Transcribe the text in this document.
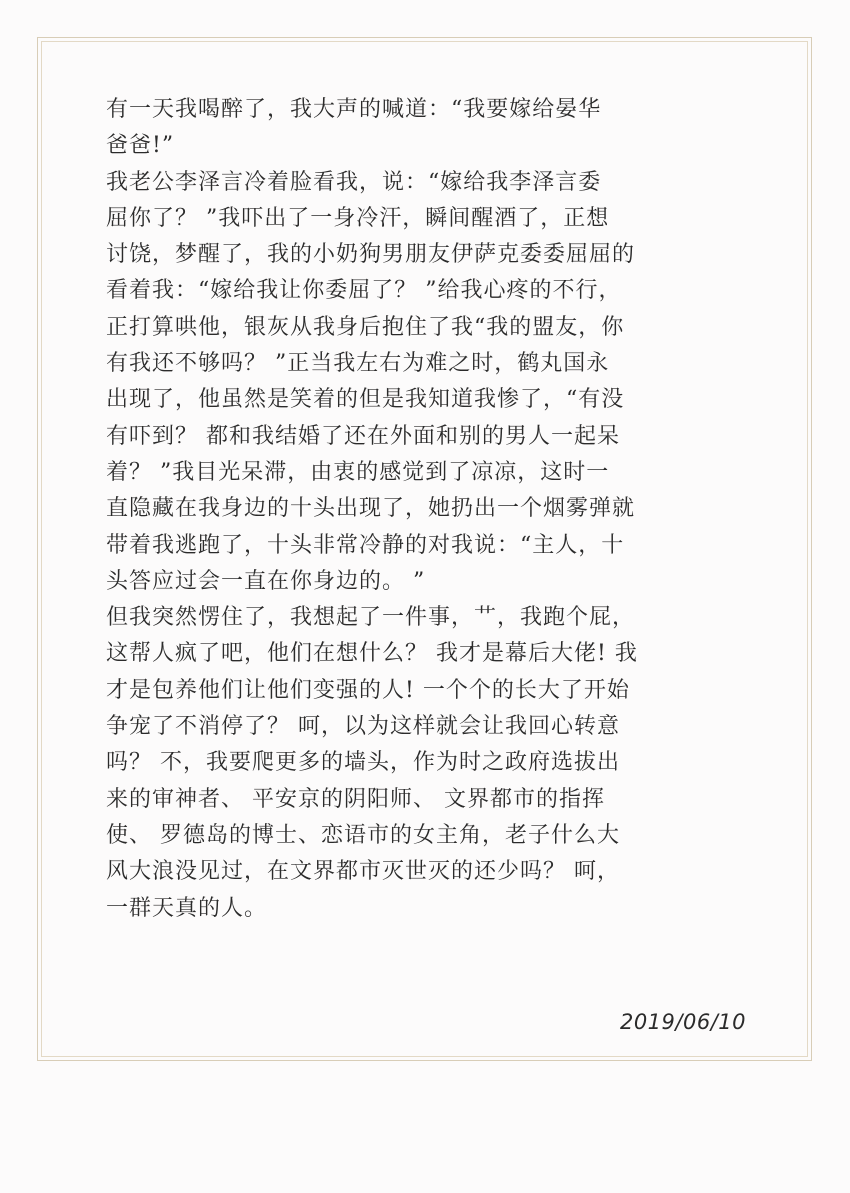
有一天我喝醉了，我大声的喊道：“我要嫁给晏华
爸爸!”
我老公李泽言冷着脸看我，说：“嫁给我李泽言委
屈你了？ ”我吓出了一身冷汗，瞬间醒酒了，正想
讨饶，梦醒了，我的小奶狗男朋友伊萨克委委屈屈的
看着我：“嫁给我让你委屈了？ ”给我心疼的不行，
正打算哄他，银灰从我身后抱住了我“我的盟友，你
有我还不够吗？ ”正当我左右为难之时，鹤丸国永
出现了，他虽然是笑着的但是我知道我惨了，“有没
有吓到？ 都和我结婚了还在外面和别的男人一起呆
着？ ”我目光呆滞，由衷的感觉到了凉凉，这时一
直隐藏在我身边的十头出现了，她扔出一个烟雾弹就
带着我逃跑了，十头非常冷静的对我说：“主人，十
头答应过会一直在你身边的。 ”
但我突然愣住了，我想起了一件事，艹，我跑个屁，
这帮人疯了吧，他们在想什么？ 我才是幕后大佬! 我
才是包养他们让他们变强的人! 一个个的长大了开始
争宠了不消停了？ 呵，以为这样就会让我回心转意
吗？ 不，我要爬更多的墙头，作为时之政府选拔出
来的审神者、 平安京的阴阳师、 文界都市的指挥
使、 罗德岛的博士、恋语市的女主角，老子什么大
风大浪没见过，在文界都市灭世灭的还少吗？ 呵，
一群天真的人。
2019/06/10
